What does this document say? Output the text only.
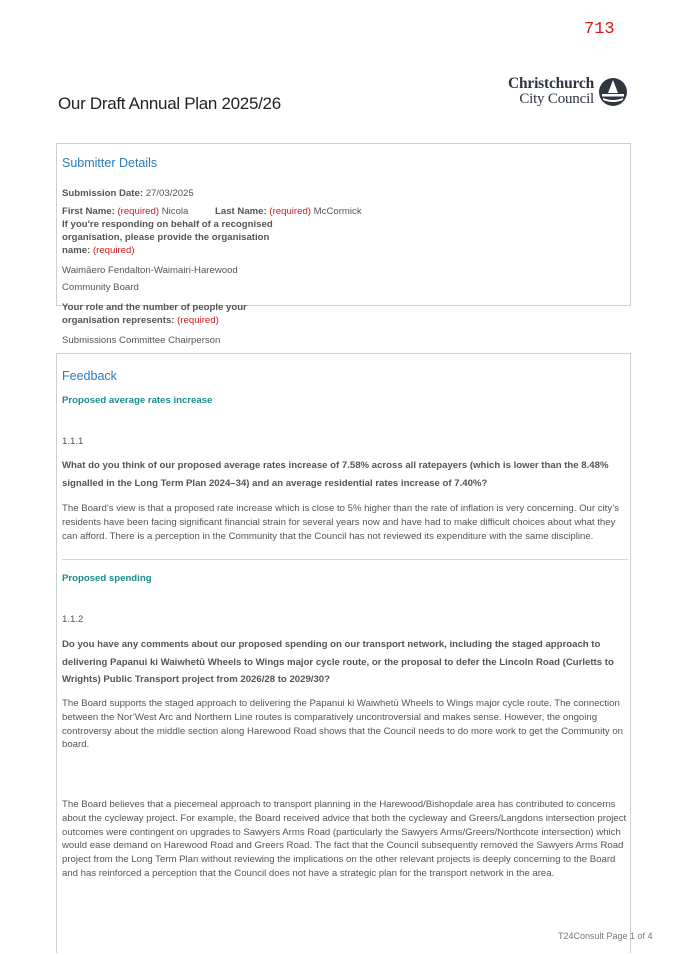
713
Christchurch
City Council
Our Draft Annual Plan 2025/26
Submitter Details
Submission Date: 27/03/2025
First Name: (required) Nicola	Last Name: (required) McCormick
If you're responding on behalf of a recognised
organisation, please provide the organisation
name: (required)
Waimāero Fendalton-Waimairi-Harewood
Community Board
Your role and the number of people your
organisation represents: (required)
Submissions Committee Chairperson
Feedback
Proposed average rates increase
1.1.1
What do you think of our proposed average rates increase of 7.58% across all ratepayers (which is lower than the 8.48% signalled in the Long Term Plan 2024–34) and an average residential rates increase of 7.40%?
The Board’s view is that a proposed rate increase which is close to 5% higher than the rate of inflation is very concerning. Our city’s residents have been facing significant financial strain for several years now and have had to make difficult choices about what they can afford. There is a perception in the Community that the Council has not reviewed its expenditure with the same discipline.
Proposed spending
1.1.2
Do you have any comments about our proposed spending on our transport network, including the staged approach to delivering Papanui ki Waiwhetū Wheels to Wings major cycle route, or the proposal to defer the Lincoln Road (Curletts to Wrights) Public Transport project from 2026/28 to 2029/30?
The Board supports the staged approach to delivering the Papanui ki Waiwhetū Wheels to Wings major cycle route. The connection between the Nor’West Arc and Northern Line routes is comparatively uncontroversial and makes sense. However, the ongoing controversy about the middle section along Harewood Road shows that the Council needs to do more work to get the Community on board.
The Board believes that a piecemeal approach to transport planning in the Harewood/Bishopdale area has contributed to concerns about the cycleway project. For example, the Board received advice that both the cycleway and Greers/Langdons intersection project outcomes were contingent on upgrades to Sawyers Arms Road (particularly the Sawyers Arms/Greers/Northcote intersection) which would ease demand on Harewood Road and Greers Road. The fact that the Council subsequently removed the Sawyers Arms Road project from the Long Term Plan without reviewing the implications on the other relevant projects is deeply concerning to the Board and has reinforced a perception that the Council does not have a strategic plan for the transport network in the area.
T24Consult Page 1 of 4
